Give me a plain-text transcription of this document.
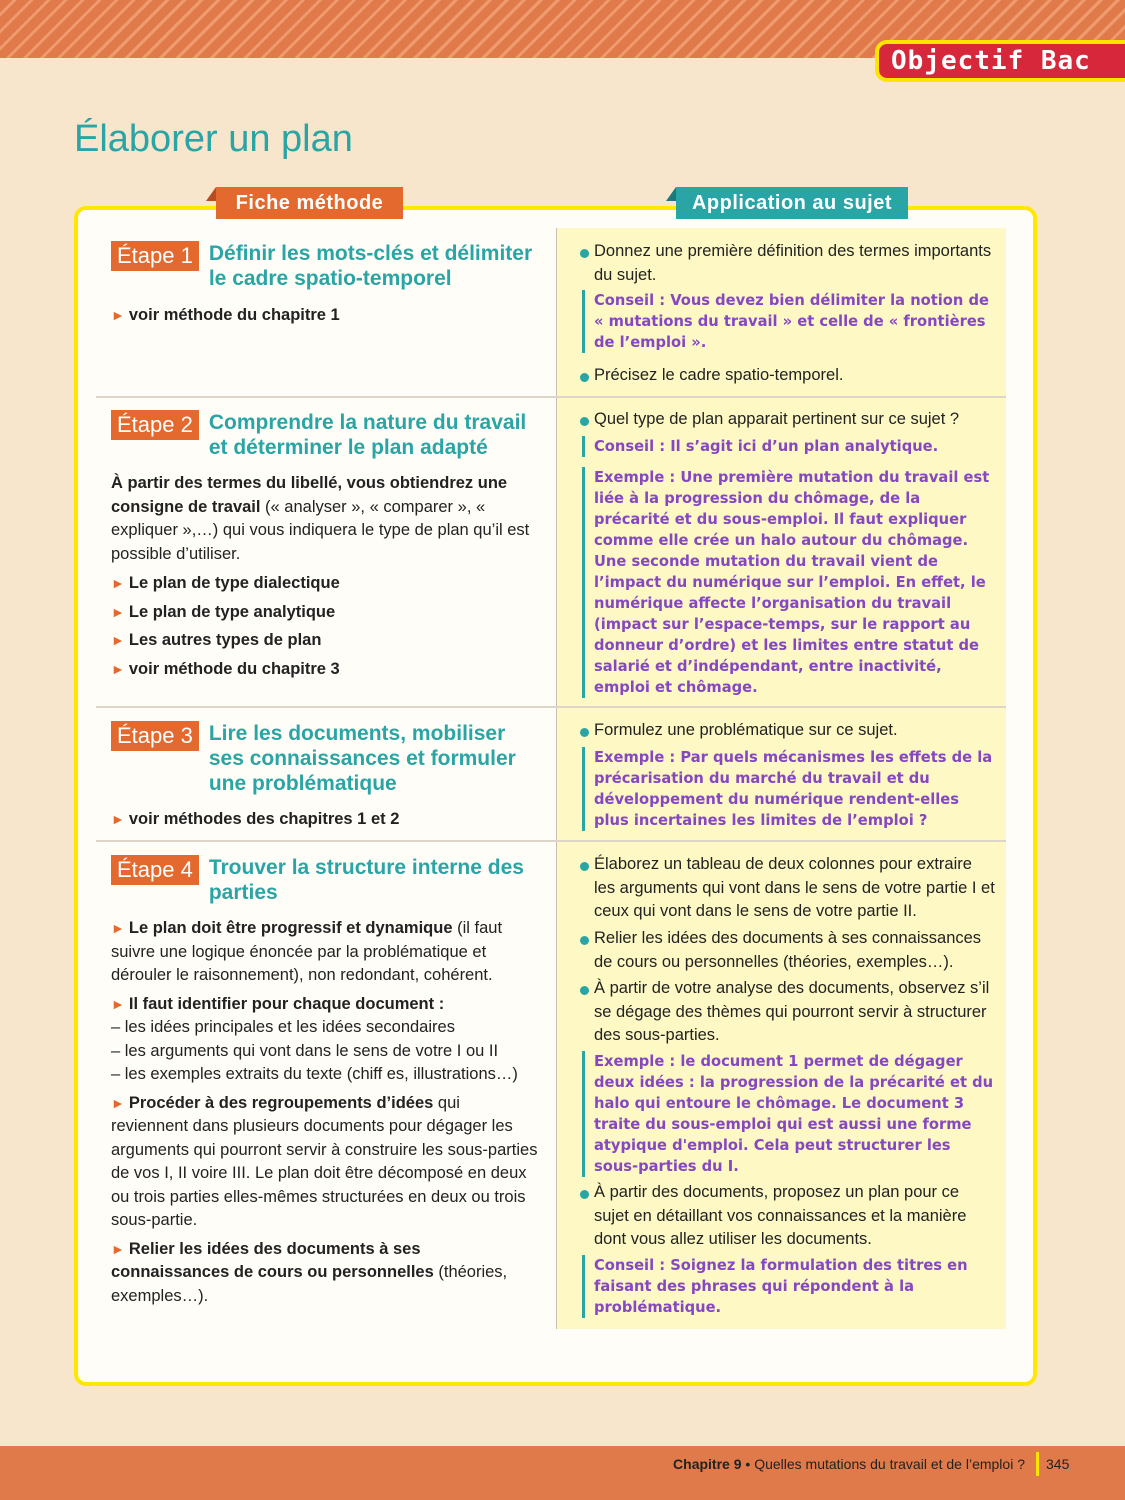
Objectif Bac
Élaborer un plan
Fiche méthode	Application au sujet
Étape 1 Définir les mots-clés et délimiter le cadre spatio-temporel
► voir méthode du chapitre 1
Donnez une première définition des termes importants du sujet.
Conseil : Vous devez bien délimiter la notion de « mutations du travail » et celle de « frontières de l’emploi ».
Précisez le cadre spatio-temporel.
Étape 2 Comprendre la nature du travail et déterminer le plan adapté

À partir des termes du libellé, vous obtiendrez une consigne de travail (« analyser », « comparer », « expliquer »,…) qui vous indiquera le type de plan qu’il est possible d’utiliser.

► Le plan de type dialectique
► Le plan de type analytique
► Les autres types de plan
► voir méthode du chapitre 3
Quel type de plan apparait pertinent sur ce sujet ?
Conseil : Il s’agit ici d’un plan analytique.
Exemple : Une première mutation du travail est liée à la progression du chômage, de la précarité et du sous-emploi. Il faut expliquer comme elle crée un halo autour du chômage.
Une seconde mutation du travail vient de l’impact du numérique sur l’emploi. En effet, le numérique affecte l’organisation du travail (impact sur l’espace-temps, sur le rapport au donneur d’ordre) et les limites entre statut de salarié et d’indépendant, entre inactivité, emploi et chômage.
Étape 3 Lire les documents, mobiliser ses connaissances et formuler une problématique
► voir méthodes des chapitres 1 et 2
Formulez une problématique sur ce sujet.
Exemple : Par quels mécanismes les effets de la précarisation du marché du travail et du développement du numérique rendent-elles plus incertaines les limites de l’emploi ?
Étape 4 Trouver la structure interne des parties

► Le plan doit être progressif et dynamique (il faut suivre une logique énoncée par la problématique et dérouler le raisonnement), non redondant, cohérent.

► Il faut identifier pour chaque document :

– les idées principales et les idées secondaires

– les arguments qui vont dans le sens de votre I ou II

– les exemples extraits du texte (chiff es, illustrations…)

► Procéder à des regroupements d’idées qui reviennent dans plusieurs documents pour dégager les arguments qui pourront servir à construire les sous-parties de vos I, II voire III. Le plan doit être décomposé en deux ou trois parties elles-mêmes structurées en deux ou trois sous-partie.

► Relier les idées des documents à ses connaissances de cours ou personnelles (théories, exemples…).

Élaborez un tableau de deux colonnes pour extraire les arguments qui vont dans le sens de votre partie I et ceux qui vont dans le sens de votre partie II.
Relier les idées des documents à ses connaissances de cours ou personnelles (théories, exemples…).
À partir de votre analyse des documents, observez s’il se dégage des thèmes qui pourront servir à structurer des sous-parties.
Exemple : le document 1 permet de dégager deux idées : la progression de la précarité et du halo qui entoure le chômage. Le document 3 traite du sous-emploi qui est aussi une forme atypique d'emploi. Cela peut structurer les sous-parties du I.
À partir des documents, proposez un plan pour ce sujet en détaillant vos connaissances et la manière dont vous allez utiliser les documents.
Conseil : Soignez la formulation des titres en faisant des phrases qui répondent à la problématique.
Chapitre 9 • Quelles mutations du travail et de l’emploi ? 345
